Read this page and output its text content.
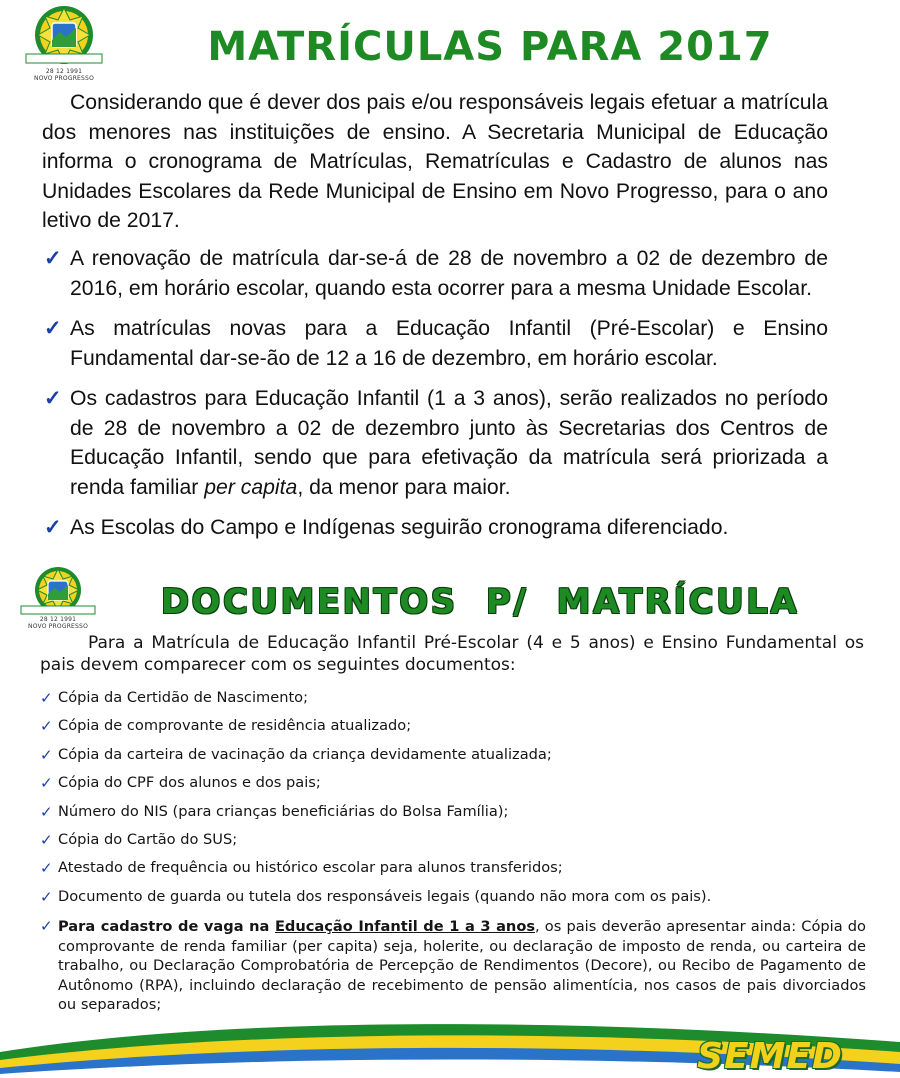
28 12 1991
NOVO PROGRESSO
MATRÍCULAS PARA 2017

Considerando que é dever dos pais e/ou responsáveis legais efetuar a matrícula dos menores nas instituições de ensino. A Secretaria Municipal de Educação informa o cronograma de Matrículas, Rematrículas e Cadastro de alunos nas Unidades Escolares da Rede Municipal de Ensino em Novo Progresso, para o ano letivo de 2017.

✓ A renovação de matrícula dar-se-á de 28 de novembro a 02 de dezembro de 2016, em horário escolar, quando esta ocorrer para a mesma Unidade Escolar.
✓ As matrículas novas para a Educação Infantil (Pré-Escolar) e Ensino Fundamental dar-se-ão de 12 a 16 de dezembro, em horário escolar.
✓ Os cadastros para Educação Infantil (1 a 3 anos), serão realizados no período de 28 de novembro a 02 de dezembro junto às Secretarias dos Centros de Educação Infantil, sendo que para efetivação da matrícula será priorizada a renda familiar per capita, da menor para maior.
✓ As Escolas do Campo e Indígenas seguirão cronograma diferenciado.
28 12 1991
NOVO PROGRESSO
DOCUMENTOS P/ MATRÍCULA

Para a Matrícula de Educação Infantil Pré-Escolar (4 e 5 anos) e Ensino Fundamental os pais devem comparecer com os seguintes documentos:

✓ Cópia da Certidão de Nascimento;
✓ Cópia de comprovante de residência atualizado;
✓ Cópia da carteira de vacinação da criança devidamente atualizada;
✓ Cópia do CPF dos alunos e dos pais;
✓ Número do NIS (para crianças beneficiárias do Bolsa Família);
✓ Cópia do Cartão do SUS;
✓ Atestado de frequência ou histórico escolar para alunos transferidos;
✓ Documento de guarda ou tutela dos responsáveis legais (quando não mora com os pais).
✓ Para cadastro de vaga na Educação Infantil de 1 a 3 anos, os pais deverão apresentar ainda: Cópia do comprovante de renda familiar (per capita) seja, holerite, ou declaração de imposto de renda, ou carteira de trabalho, ou Declaração Comprobatória de Percepção de Rendimentos (Decore), ou Recibo de Pagamento de Autônomo (RPA), incluindo declaração de recebimento de pensão alimentícia, nos casos de pais divorciados ou separados;
SEMED
